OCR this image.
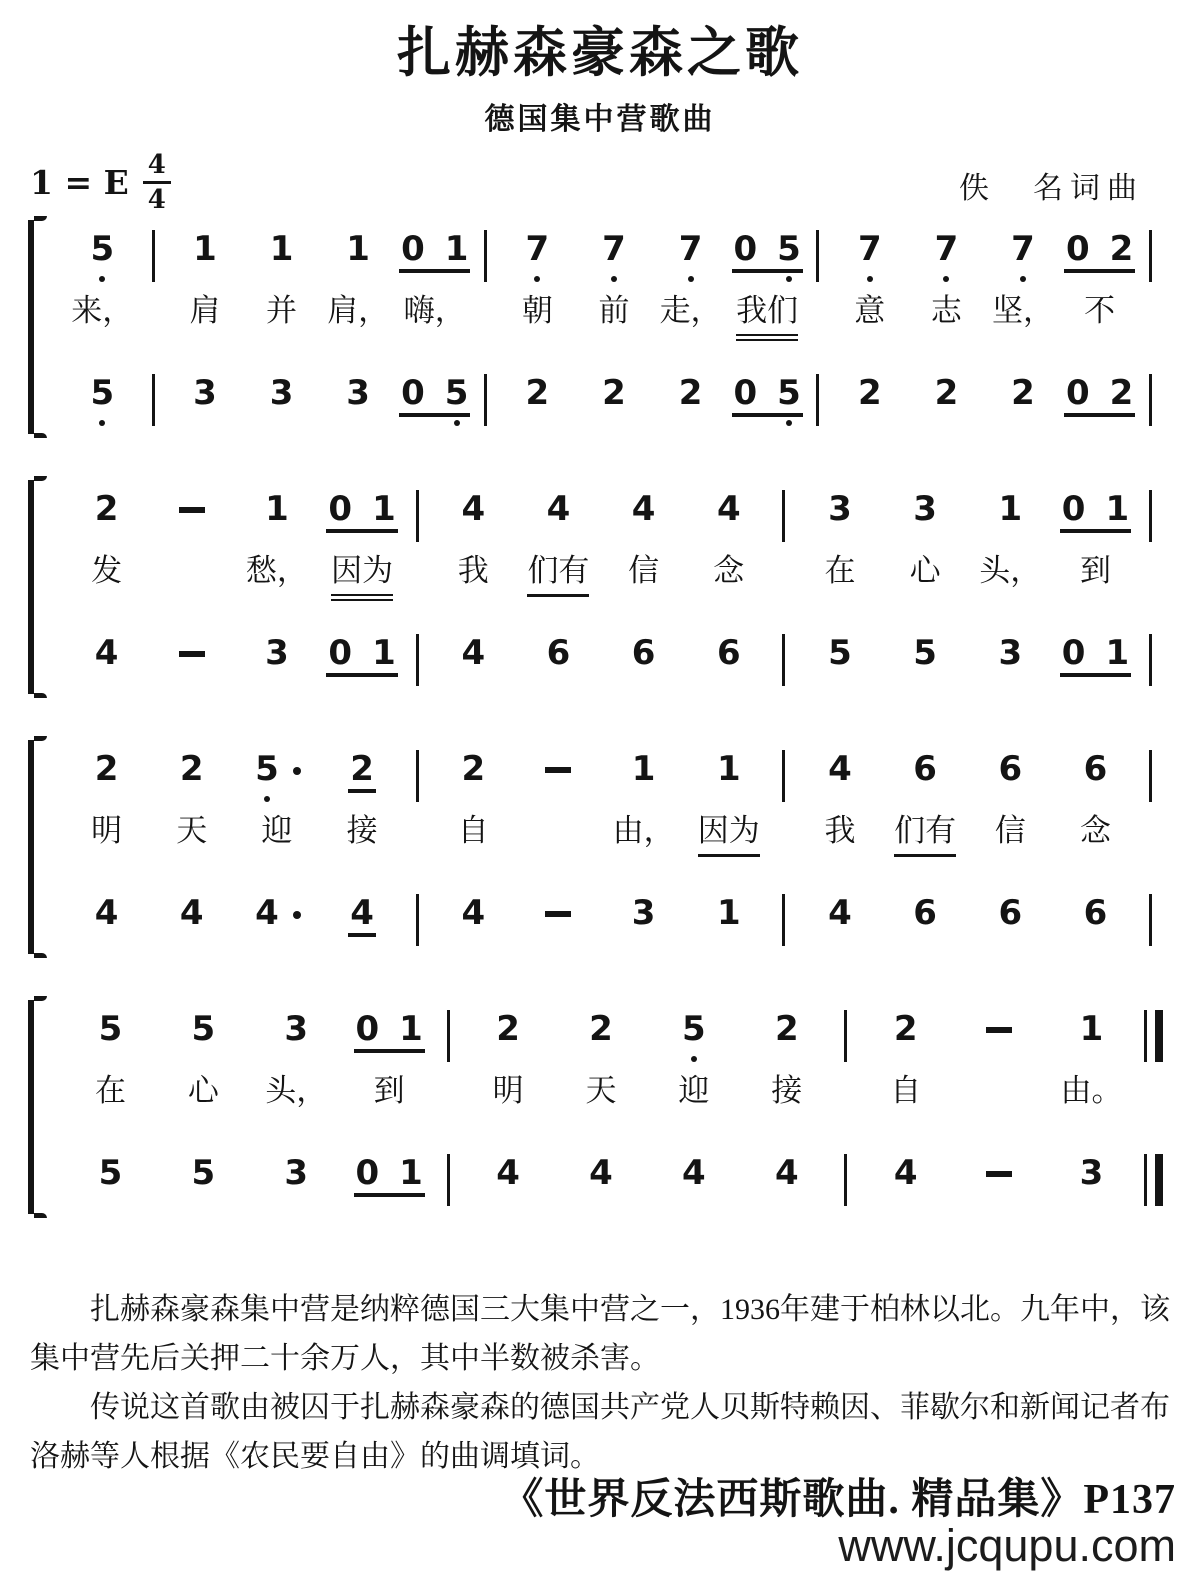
扎赫森豪森之歌
德国集中营歌曲
1 = E $\frac{4}{4}$	佚　名词曲
5
来，
5
1
肩
3
1
并
3
1
肩，
3
0 1
嗨，
0 5
7
朝
2
7
前
2
7
走，
2
0 5
我们
0 5
7
意
2
7
志
2
7
坚，
2
0 2
不
0 2
2
发
4
1
愁，
3
0 1
因为
0 1
4
我
4
4
们有
6
4
信
6
4
念
6
3
在
5
3
心
5
1
头，
3
0 1
到
0 1
2
明
4
2
天
4
5
迎
4
2
接
4
2
自
4
1
由，
3
1
因为
1
4
我
4
6
们有
6
6
信
6
6
念
6
5
在
5
5
心
5
3
头，
3
0 1
到
0 1
2
明
4
2
天
4
5
迎
4
2
接
4
2
自
4
1
由。
3

扎赫森豪森集中营是纳粹德国三大集中营之一，1936年建于柏林以北。九年中，该集中营先后关押二十余万人，其中半数被杀害。

传说这首歌由被囚于扎赫森豪森的德国共产党人贝斯特赖因、菲歇尔和新闻记者布洛赫等人根据《农民要自由》的曲调填词。

《世界反法西斯歌曲. 精品集》P137
www.jcqupu.com
